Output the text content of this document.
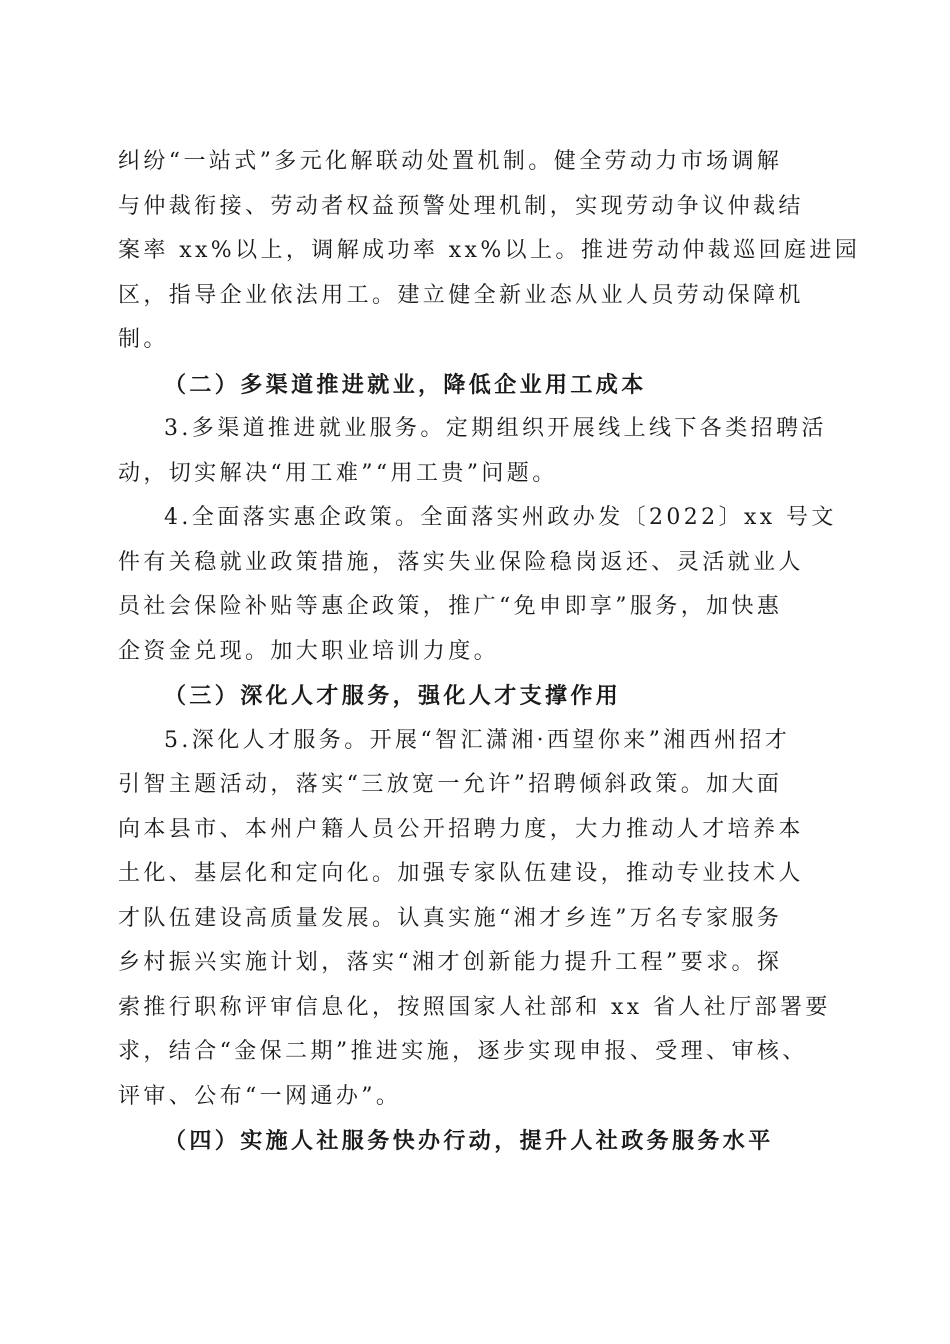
纠纷“一站式”多元化解联动处置机制。健全劳动力市场调解
与仲裁衔接、劳动者权益预警处理机制，实现劳动争议仲裁结
案率 xx%以上，调解成功率 xx%以上。推进劳动仲裁巡回庭进园
区，指导企业依法用工。建立健全新业态从业人员劳动保障机
制。
（二）多渠道推进就业，降低企业用工成本
3.多渠道推进就业服务。定期组织开展线上线下各类招聘活
动，切实解决“用工难”“用工贵”问题。
4.全面落实惠企政策。全面落实州政办发〔2022〕xx 号文
件有关稳就业政策措施，落实失业保险稳岗返还、灵活就业人
员社会保险补贴等惠企政策，推广“免申即享”服务，加快惠
企资金兑现。加大职业培训力度。
（三）深化人才服务，强化人才支撑作用
5.深化人才服务。开展“智汇潇湘·西望你来”湘西州招才
引智主题活动，落实“三放宽一允许”招聘倾斜政策。加大面
向本县市、本州户籍人员公开招聘力度，大力推动人才培养本
土化、基层化和定向化。加强专家队伍建设，推动专业技术人
才队伍建设高质量发展。认真实施“湘才乡连”万名专家服务
乡村振兴实施计划，落实“湘才创新能力提升工程”要求。探
索推行职称评审信息化，按照国家人社部和 xx 省人社厅部署要
求，结合“金保二期”推进实施，逐步实现申报、受理、审核、
评审、公布“一网通办”。
（四）实施人社服务快办行动，提升人社政务服务水平
